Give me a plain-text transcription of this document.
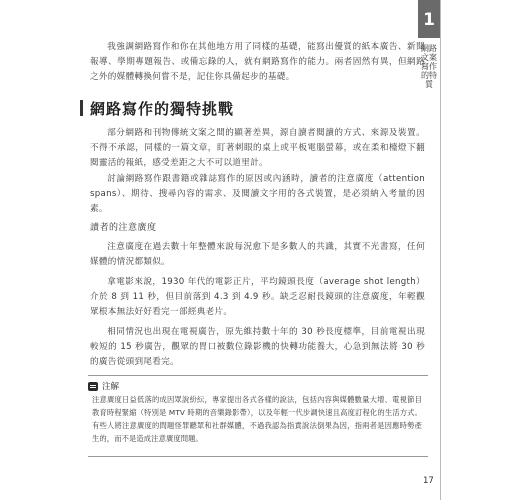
我強調網路寫作和你在其他地方用了同樣的基礎，能寫出優質的紙本廣告、新聞報導、學期專題報告、或備忘錄的人，就有網路寫作的能力。兩者固然有異，但網路之外的媒體轉換何嘗不是，記住你具備起步的基礎。

網路寫作的獨特挑戰

部分網路和刊物傳統文案之間的顯著差異，源自讀者閱讀的方式、來源及裝置。不得不承認，同樣的一篇文章，盯著刺眼的桌上或平板電腦螢幕，或在柔和檯燈下翻閱靈活的報紙，感受差距之大不可以道里計。

討論網路寫作跟書籍或雜誌寫作的原因或內涵時，讀者的注意廣度（attention spans）、期待、搜尋內容的需求、及閱讀文字用的各式裝置，是必須納入考量的因素。

讀者的注意廣度

注意廣度在過去數十年整體來說每況愈下是多數人的共識，其實不光書寫，任何媒體的情況都類似。

拿電影來說，1930 年代的電影正片，平均鏡頭長度（average shot length）介於 8 到 11 秒，但目前落到 4.3 到 4.9 秒。缺乏忍耐長鏡頭的注意廣度，年輕觀眾根本無法好好看完一部經典老片。

相同情況也出現在電視廣告，原先維持數十年的 30 秒長度標準，目前電視出現較短的 15 秒廣告，觀眾的胃口被數位錄影機的快轉功能養大，心急到無法將 30 秒的廣告從頭到尾看完。

注解

注意廣度日益低落的成因眾說紛紜，專家提出各式各樣的說法，包括內容與媒體數量大增、電視節目教育時程緊縮（特別是 MTV 時期的音樂錄影帶），以及年輕一代步調快速且高度訂程化的生活方式。有些人將注意廣度的問題怪罪聽眾和社群媒體，不過我認為指責說法倒果為因，指兩者是因應時勢產生的，而不是造成注意廣度問題。

1
網路文案寫作的特質
17
